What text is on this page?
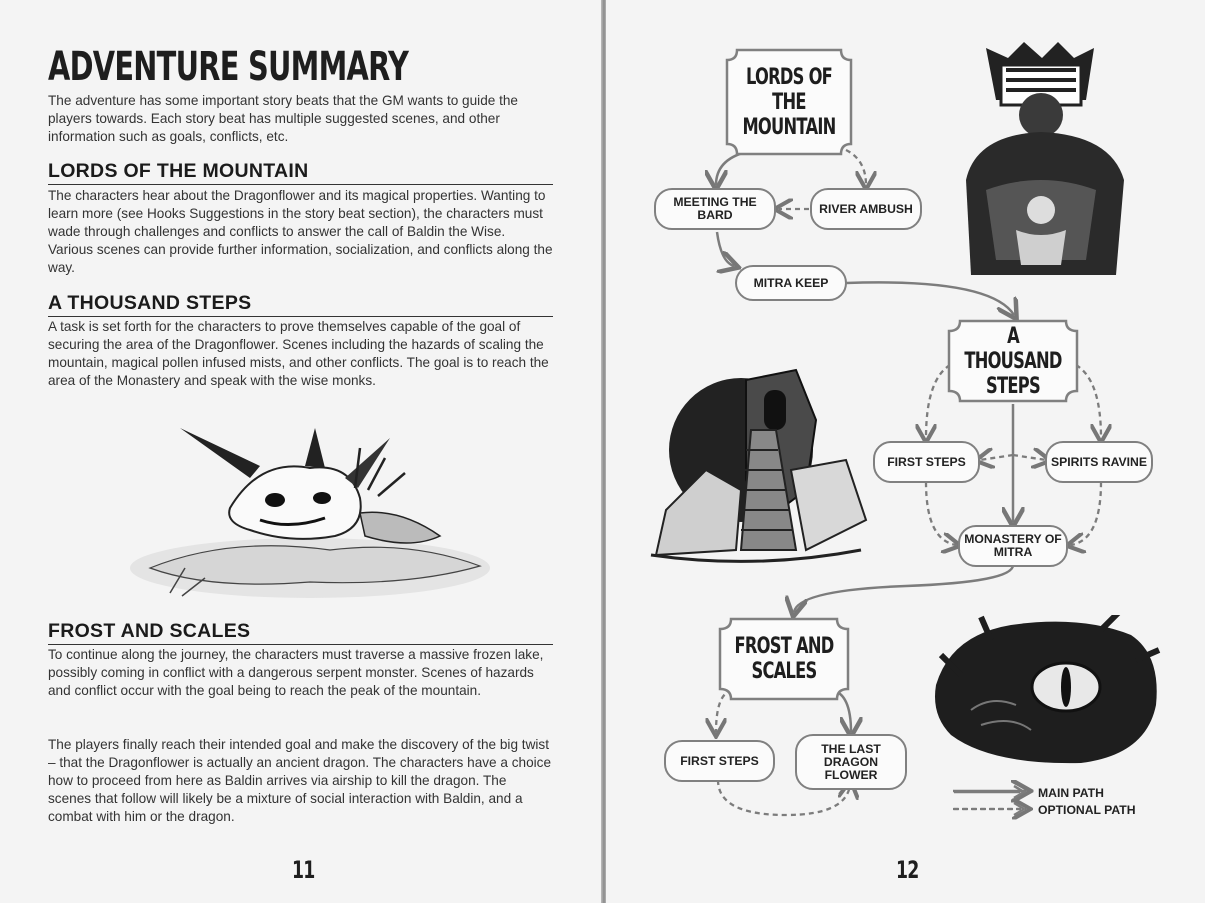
ADVENTURE SUMMARY

The adventure has some important story beats that the GM wants to guide the players towards. Each story beat has multiple suggested scenes, and other information such as goals, conflicts, etc.

LORDS OF THE MOUNTAIN

The characters hear about the Dragonflower and its magical properties. Wanting to learn more (see Hooks Suggestions in the story beat section), the characters must wade through challenges and conflicts to answer the call of Baldin the Wise. Various scenes can provide further information, socialization, and conflicts along the way.

A THOUSAND STEPS

A task is set forth for the characters to prove themselves capable of the goal of securing the area of the Dragonflower. Scenes including the hazards of scaling the mountain, magical pollen infused mists, and other conflicts. The goal is to reach the area of the Monastery and speak with the wise monks.

FROST AND SCALES

To continue along the journey, the characters must traverse a massive frozen lake, possibly coming in conflict with a dangerous serpent monster. Scenes of hazards and conflict occur with the goal being to reach the peak of the mountain.

The players finally reach their intended goal and make the discovery of the big twist – that the Dragonflower is actually an ancient dragon. The characters have a choice how to proceed from here as Baldin arrives via airship to kill the dragon. The scenes that follow will likely be a mixture of social interaction with Baldin, and a combat with him or the dragon.

11
LORDS OF THE MOUNTAIN
A THOUSAND STEPS
FROST AND SCALES
MEETING THE BARD	RIVER AMBUSH
MITRA KEEP
FIRST STEPS	SPIRITS RAVINE
MONASTERY OF MITRA
FIRST STEPS
THE LAST DRAGON FLOWER
MAIN PATH
OPTIONAL PATH
12
